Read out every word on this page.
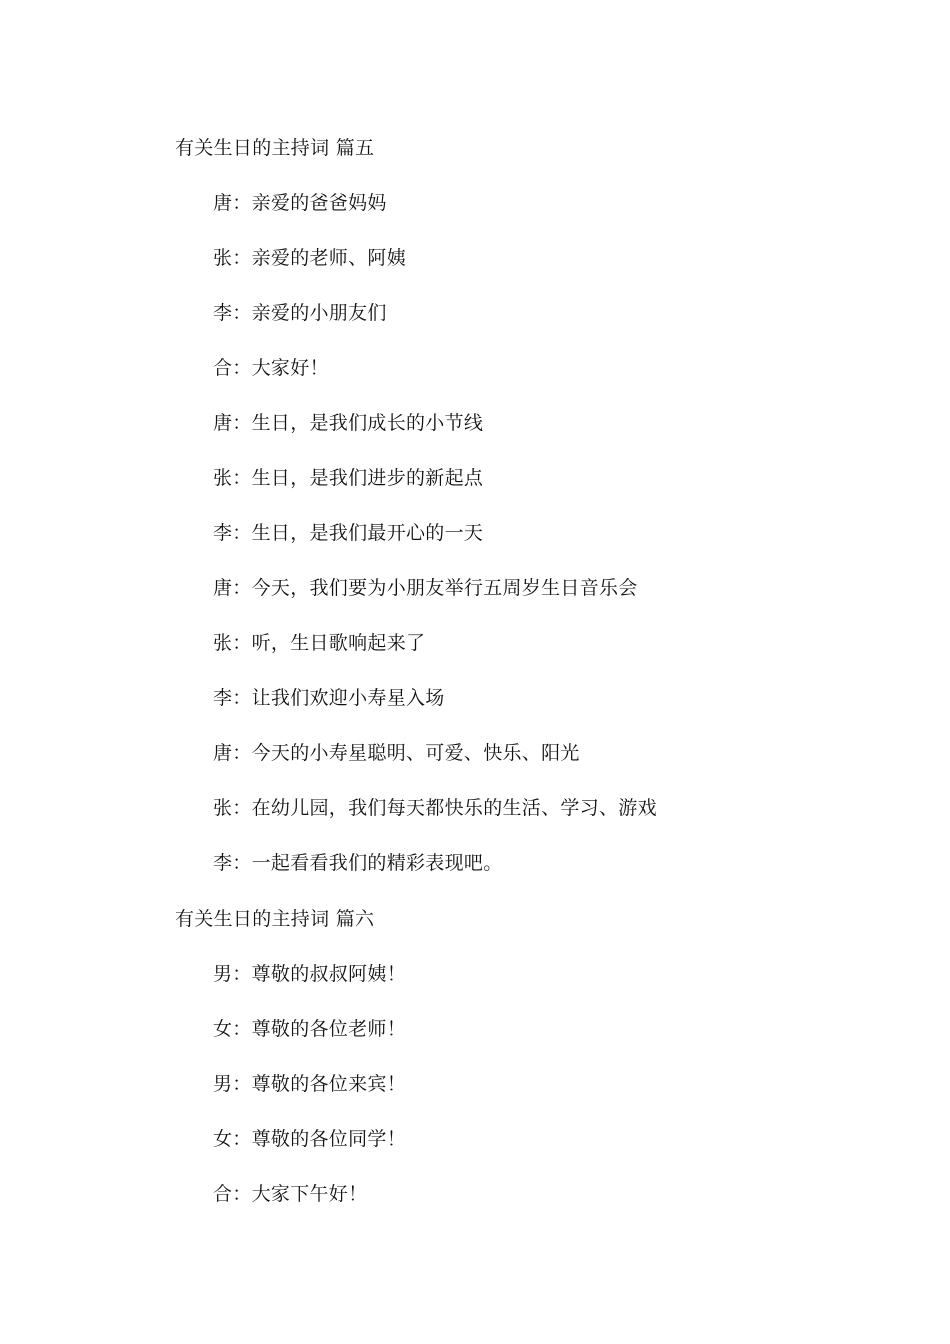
有关生日的主持词 篇五
唐：亲爱的爸爸妈妈
张：亲爱的老师、阿姨
李：亲爱的小朋友们
合：大家好！
唐：生日，是我们成长的小节线
张：生日，是我们进步的新起点
李：生日，是我们最开心的一天
唐：今天，我们要为小朋友举行五周岁生日音乐会
张：听，生日歌响起来了
李：让我们欢迎小寿星入场
唐：今天的小寿星聪明、可爱、快乐、阳光
张：在幼儿园，我们每天都快乐的生活、学习、游戏
李：一起看看我们的精彩表现吧。
有关生日的主持词 篇六
男：尊敬的叔叔阿姨！
女：尊敬的各位老师！
男：尊敬的各位来宾！
女：尊敬的各位同学！
合：大家下午好！
